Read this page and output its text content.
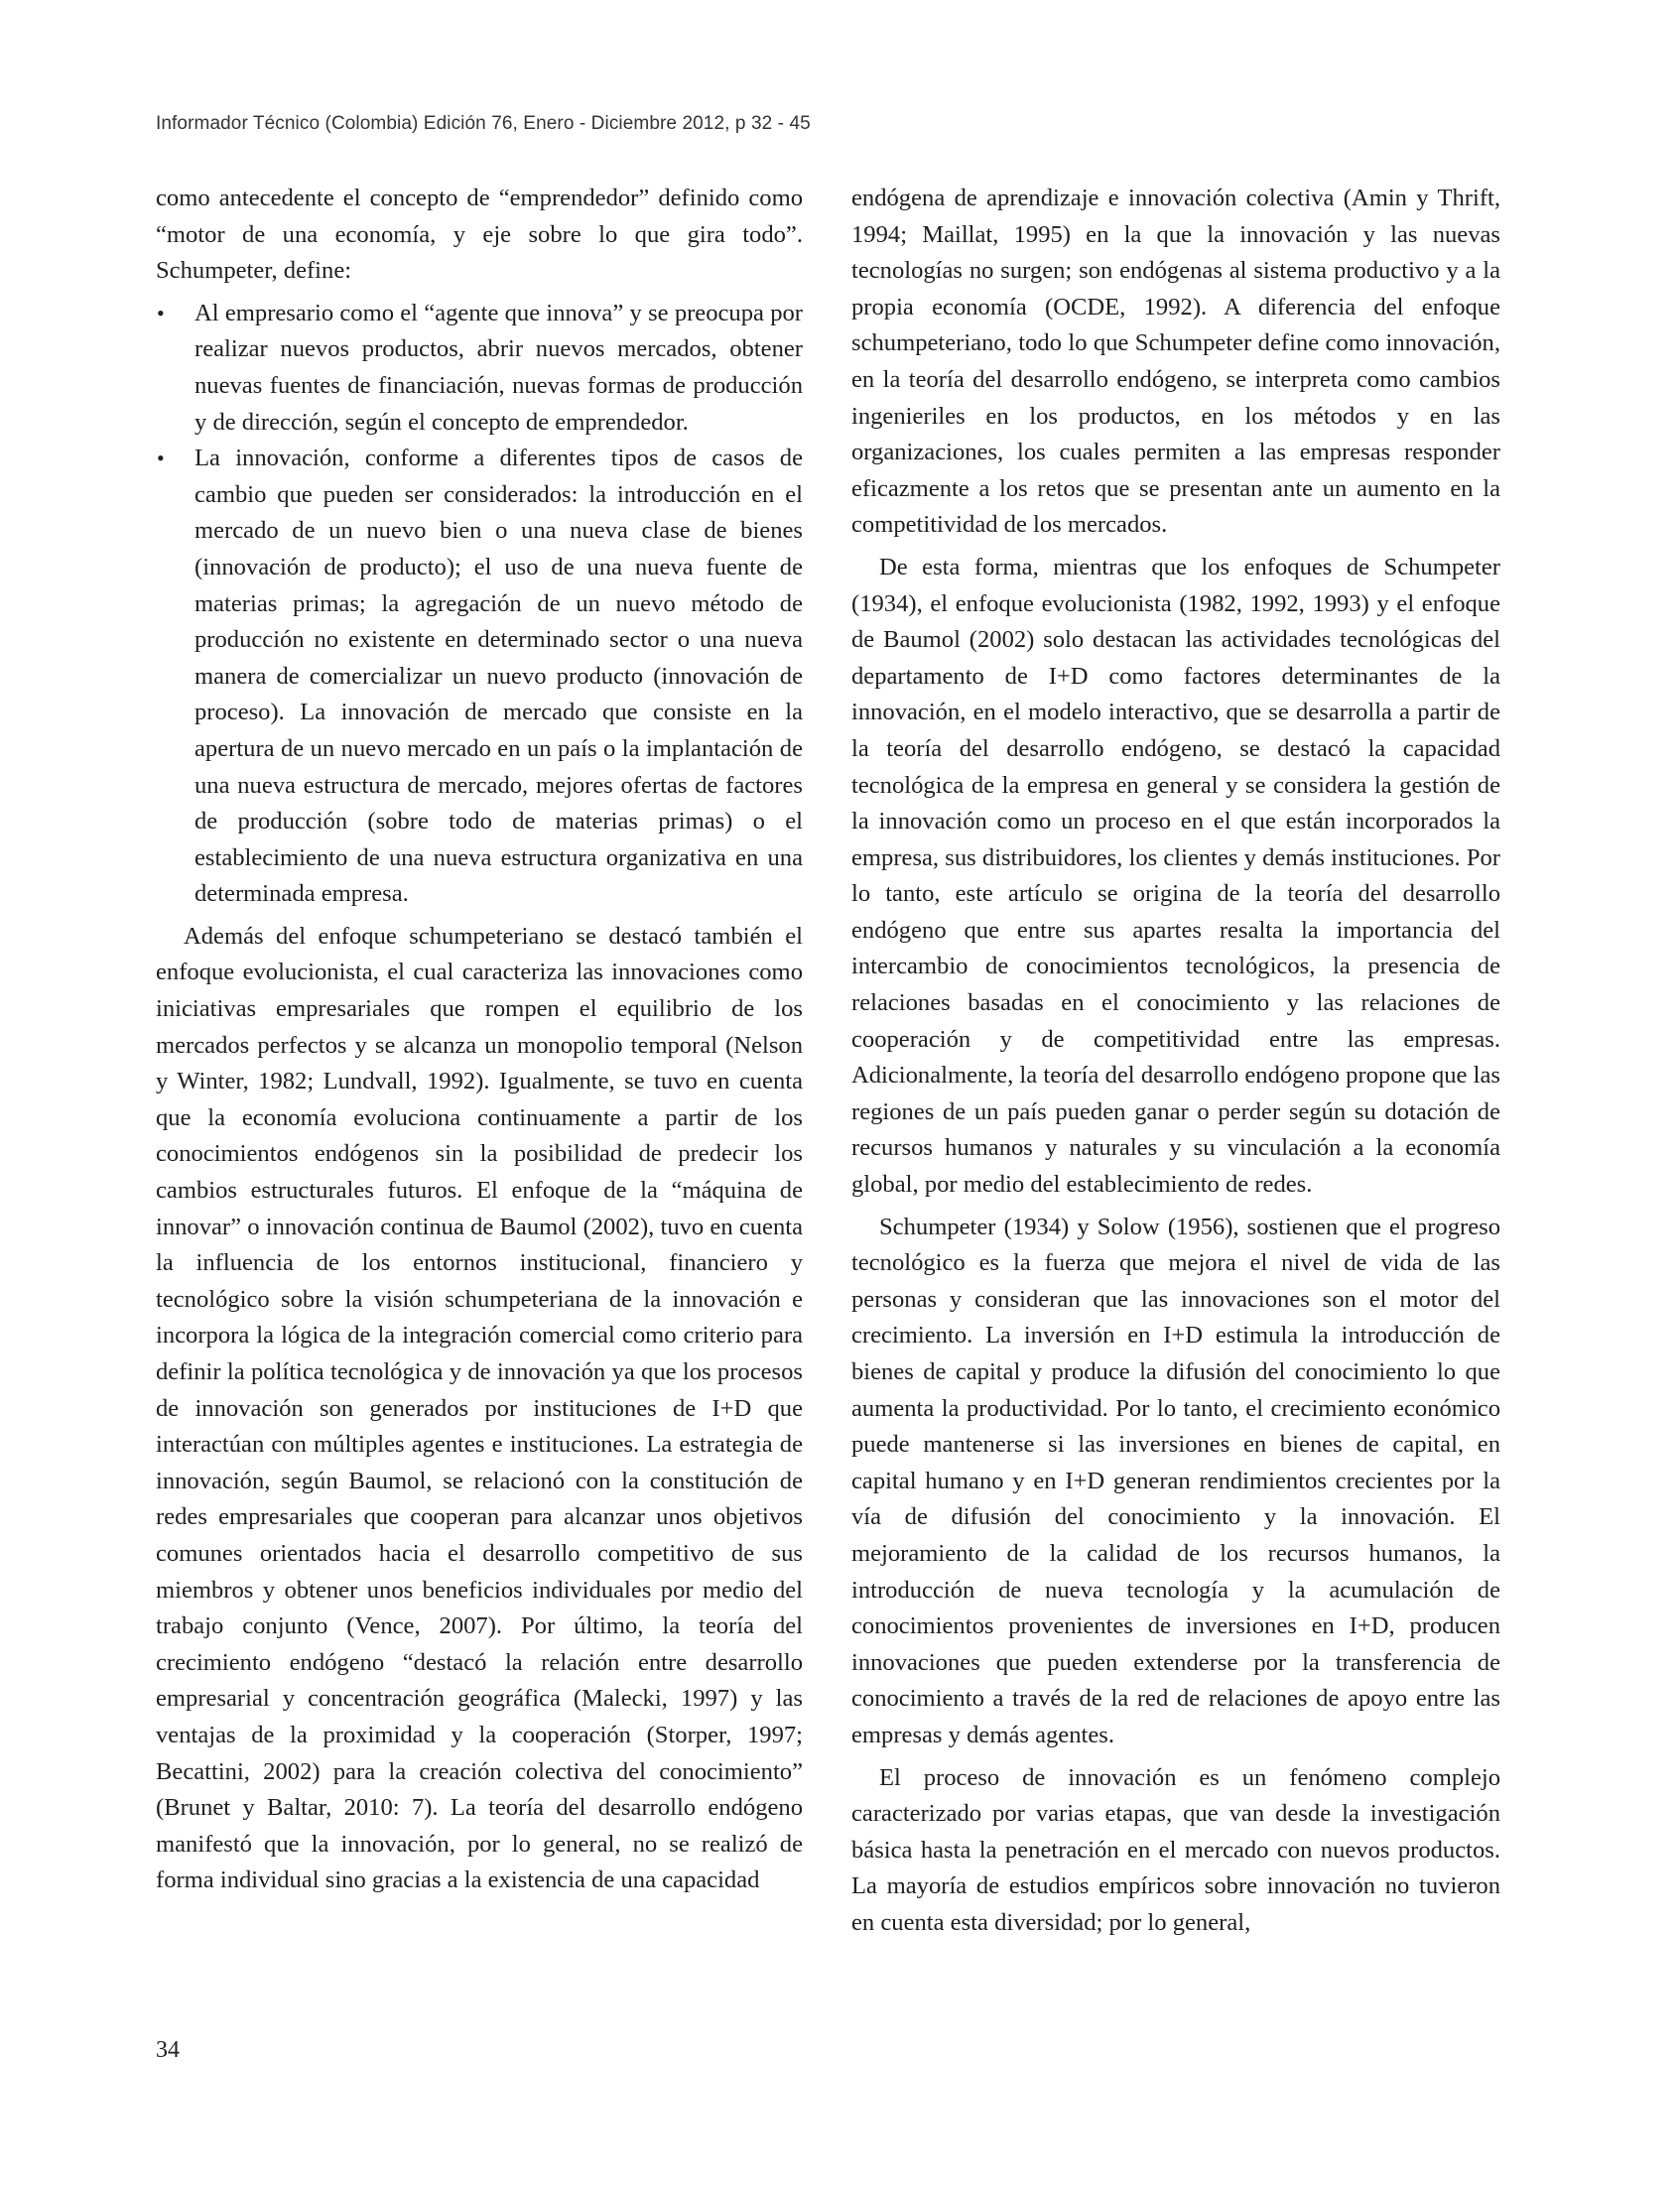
Informador Técnico (Colombia) Edición 76, Enero - Diciembre 2012, p 32 - 45

como antecedente el concepto de “emprendedor” definido como “motor de una economía, y eje sobre lo que gira todo”. Schumpeter, define:

• Al empresario como el “agente que innova” y se preocupa por realizar nuevos productos, abrir nuevos mercados, obtener nuevas fuentes de financiación, nuevas formas de producción y de dirección, según el concepto de emprendedor.
• La innovación, conforme a diferentes tipos de casos de cambio que pueden ser considerados: la introducción en el mercado de un nuevo bien o una nueva clase de bienes (innovación de producto); el uso de una nueva fuente de materias primas; la agregación de un nuevo método de producción no existente en determinado sector o una nueva manera de comercializar un nuevo producto (innovación de proceso). La innovación de mercado que consiste en la apertura de un nuevo mercado en un país o la implantación de una nueva estructura de mercado, mejores ofertas de factores de producción (sobre todo de materias primas) o el establecimiento de una nueva estructura organizativa en una determinada empresa.

Además del enfoque schumpeteriano se destacó también el enfoque evolucionista, el cual caracteriza las innovaciones como iniciativas empresariales que rompen el equilibrio de los mercados perfectos y se alcanza un monopolio temporal (Nelson y Winter, 1982; Lundvall, 1992). Igualmente, se tuvo en cuenta que la economía evoluciona continuamente a partir de los conocimientos endógenos sin la posibilidad de predecir los cambios estructurales futuros. El enfoque de la “máquina de innovar” o innovación continua de Baumol (2002), tuvo en cuenta la influencia de los entornos institucional, financiero y tecnológico sobre la visión schumpeteriana de la innovación e incorpora la lógica de la integración comercial como criterio para definir la política tecnológica y de innovación ya que los procesos de innovación son generados por instituciones de I+D que interactúan con múltiples agentes e instituciones. La estrategia de innovación, según Baumol, se relacionó con la constitución de redes empresariales que cooperan para alcanzar unos objetivos comunes orientados hacia el desarrollo competitivo de sus miembros y obtener unos beneficios individuales por medio del trabajo conjunto (Vence, 2007). Por último, la teoría del crecimiento endógeno “destacó la relación entre desarrollo empresarial y concentración geográfica (Malecki, 1997) y las ventajas de la proximidad y la cooperación (Storper, 1997; Becattini, 2002) para la creación colectiva del conocimiento” (Brunet y Baltar, 2010: 7). La teoría del desarrollo endógeno manifestó que la innovación, por lo general, no se realizó de forma individual sino gracias a la existencia de una capacidad

endógena de aprendizaje e innovación colectiva (Amin y Thrift, 1994; Maillat, 1995) en la que la innovación y las nuevas tecnologías no surgen; son endógenas al sistema productivo y a la propia economía (OCDE, 1992). A diferencia del enfoque schumpeteriano, todo lo que Schumpeter define como innovación, en la teoría del desarrollo endógeno, se interpreta como cambios ingenieriles en los productos, en los métodos y en las organizaciones, los cuales permiten a las empresas responder eficazmente a los retos que se presentan ante un aumento en la competitividad de los mercados.

De esta forma, mientras que los enfoques de Schumpeter (1934), el enfoque evolucionista (1982, 1992, 1993) y el enfoque de Baumol (2002) solo destacan las actividades tecnológicas del departamento de I+D como factores determinantes de la innovación, en el modelo interactivo, que se desarrolla a partir de la teoría del desarrollo endógeno, se destacó la capacidad tecnológica de la empresa en general y se considera la gestión de la innovación como un proceso en el que están incorporados la empresa, sus distribuidores, los clientes y demás instituciones. Por lo tanto, este artículo se origina de la teoría del desarrollo endógeno que entre sus apartes resalta la importancia del intercambio de conocimientos tecnológicos, la presencia de relaciones basadas en el conocimiento y las relaciones de cooperación y de competitividad entre las empresas. Adicionalmente, la teoría del desarrollo endógeno propone que las regiones de un país pueden ganar o perder según su dotación de recursos humanos y naturales y su vinculación a la economía global, por medio del establecimiento de redes.

Schumpeter (1934) y Solow (1956), sostienen que el progreso tecnológico es la fuerza que mejora el nivel de vida de las personas y consideran que las innovaciones son el motor del crecimiento. La inversión en I+D estimula la introducción de bienes de capital y produce la difusión del conocimiento lo que aumenta la productividad. Por lo tanto, el crecimiento económico puede mantenerse si las inversiones en bienes de capital, en capital humano y en I+D generan rendimientos crecientes por la vía de difusión del conocimiento y la innovación. El mejoramiento de la calidad de los recursos humanos, la introducción de nueva tecnología y la acumulación de conocimientos provenientes de inversiones en I+D, producen innovaciones que pueden extenderse por la transferencia de conocimiento a través de la red de relaciones de apoyo entre las empresas y demás agentes.

El proceso de innovación es un fenómeno complejo caracterizado por varias etapas, que van desde la investigación básica hasta la penetración en el mercado con nuevos productos. La mayoría de estudios empíricos sobre innovación no tuvieron en cuenta esta diversidad; por lo general,

34
